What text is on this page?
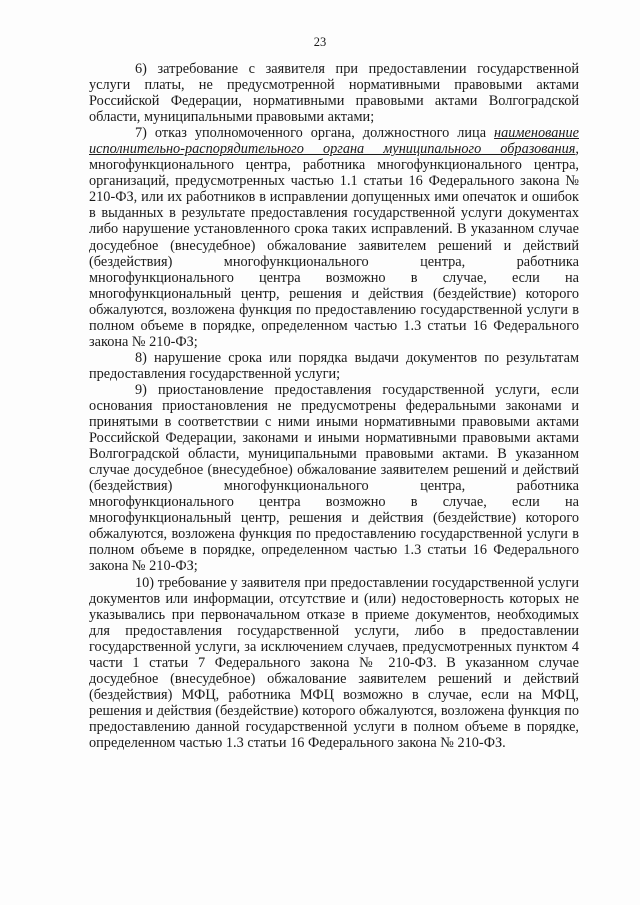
23

6) затребование с заявителя при предоставлении государственной услуги платы, не предусмотренной нормативными правовыми актами Российской Федерации, нормативными правовыми актами Волгоградской области, муниципальными правовыми актами;

7) отказ уполномоченного органа, должностного лица наименование исполнительно-распорядительного органа муниципального образования, многофункционального центра, работника многофункционального центра, организаций, предусмотренных частью 1.1 статьи 16 Федерального закона № 210-ФЗ, или их работников в исправлении допущенных ими опечаток и ошибок в выданных в результате предоставления государственной услуги документах либо нарушение установленного срока таких исправлений. В указанном случае досудебное (внесудебное) обжалование заявителем решений и действий (бездействия) многофункционального центра, работника многофункционального центра возможно в случае, если на многофункциональный центр, решения и действия (бездействие) которого обжалуются, возложена функция по предоставлению государственной услуги в полном объеме в порядке, определенном частью 1.3 статьи 16 Федерального закона № 210-ФЗ;

8) нарушение срока или порядка выдачи документов по результатам предоставления государственной услуги;

9) приостановление предоставления государственной услуги, если основания приостановления не предусмотрены федеральными законами и принятыми в соответствии с ними иными нормативными правовыми актами Российской Федерации, законами и иными нормативными правовыми актами Волгоградской области, муниципальными правовыми актами. В указанном случае досудебное (внесудебное) обжалование заявителем решений и действий (бездействия) многофункционального центра, работника многофункционального центра возможно в случае, если на многофункциональный центр, решения и действия (бездействие) которого обжалуются, возложена функция по предоставлению государственной услуги в полном объеме в порядке, определенном частью 1.3 статьи 16 Федерального закона № 210-ФЗ;

10) требование у заявителя при предоставлении государственной услуги документов или информации, отсутствие и (или) недостоверность которых не указывались при первоначальном отказе в приеме документов, необходимых для предоставления государственной услуги, либо в предоставлении государственной услуги, за исключением случаев, предусмотренных пунктом 4 части 1 статьи 7 Федерального закона № 210-ФЗ. В указанном случае досудебное (внесудебное) обжалование заявителем решений и действий (бездействия) МФЦ, работника МФЦ возможно в случае, если на МФЦ, решения и действия (бездействие) которого обжалуются, возложена функция по предоставлению данной государственной услуги в полном объеме в порядке, определенном частью 1.3 статьи 16 Федерального закона № 210-ФЗ.
